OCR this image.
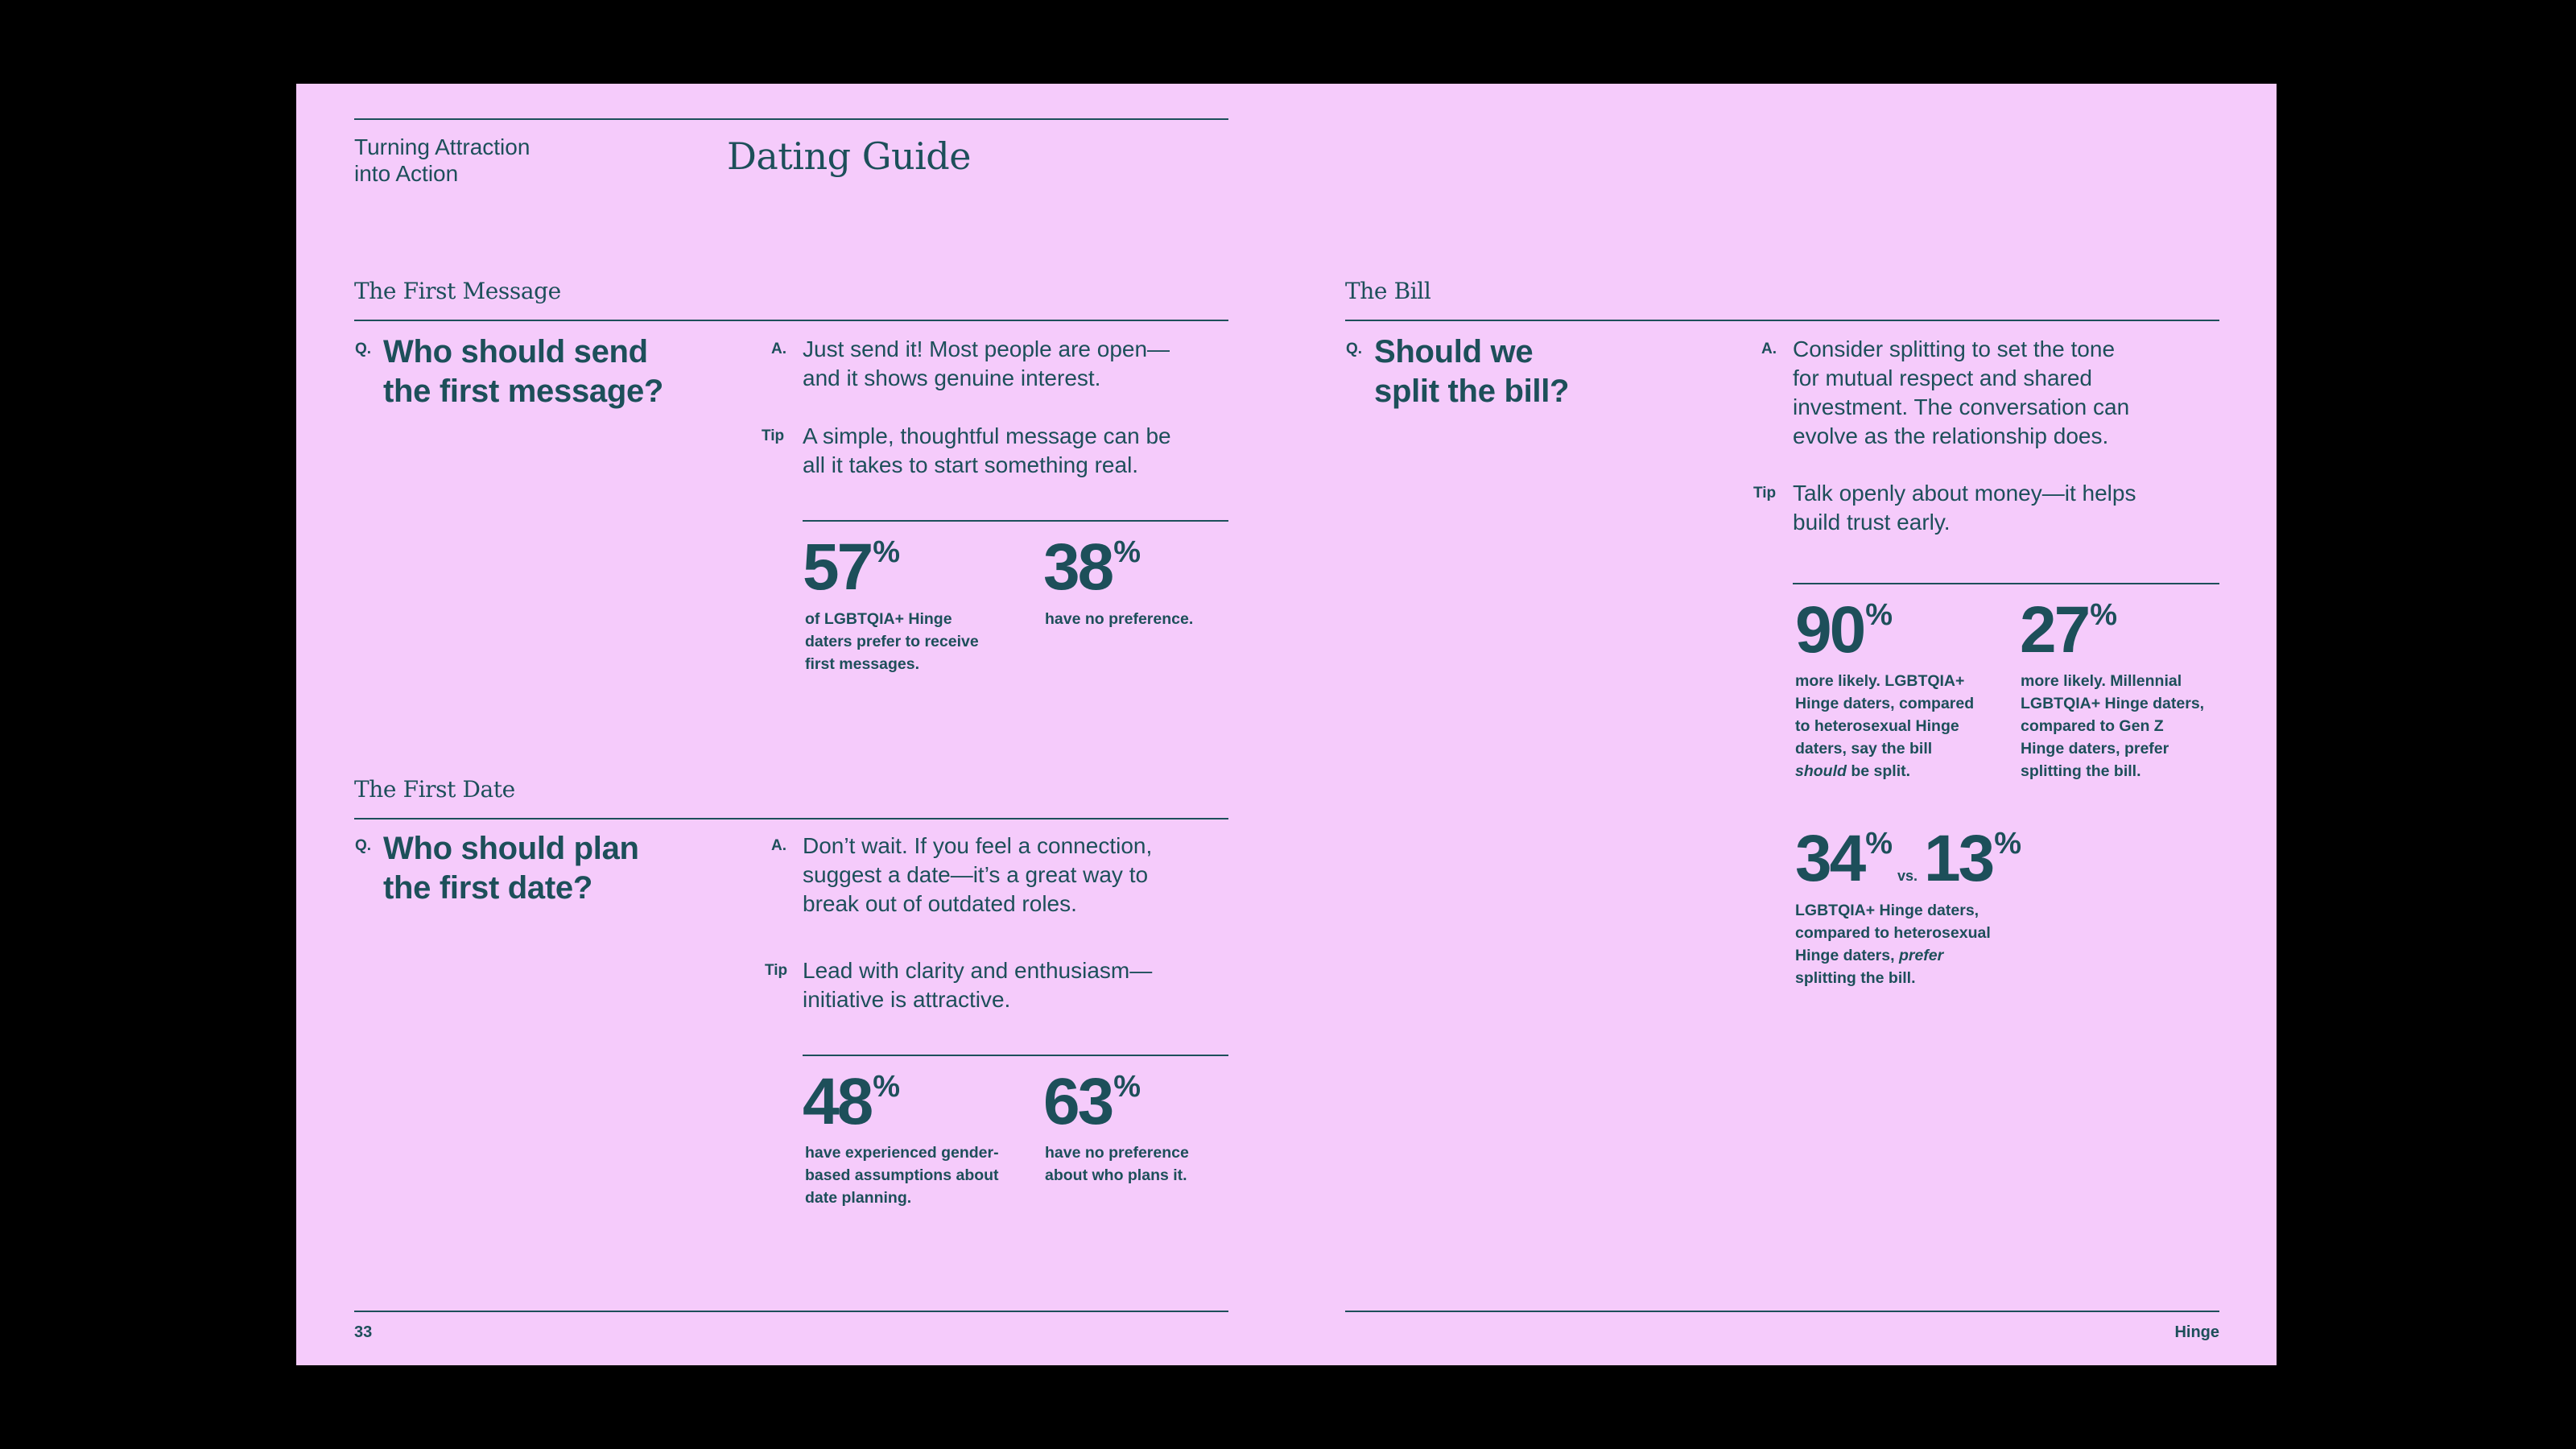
Turning Attraction
into Action	Dating Guide
The First Message
Q. Who should send
the first message?
A. Just send it! Most people are open—
and it shows genuine interest.
Tip A simple, thoughtful message can be
all it takes to start something real.
57%
of LGBTQIA+ Hinge
daters prefer to receive
first messages.
38%
have no preference.
The First Date
Q. Who should plan
the first date?
A. Don’t wait. If you feel a connection,
suggest a date—it’s a great way to
break out of outdated roles.
Tip Lead with clarity and enthusiasm—
initiative is attractive.
48%
have experienced gender-
based assumptions about
date planning.
63%
have no preference
about who plans it.
The Bill
Q. Should we
split the bill?
A. Consider splitting to set the tone
for mutual respect and shared
investment. The conversation can
evolve as the relationship does.
Tip Talk openly about money—it helps
build trust early.
90%
more likely. LGBTQIA+
Hinge daters, compared
to heterosexual Hinge
daters, say the bill
should be split.
27%
more likely. Millennial
LGBTQIA+ Hinge daters,
compared to Gen Z
Hinge daters, prefer
splitting the bill.
34%vs.13%
LGBTQIA+ Hinge daters,
compared to heterosexual
Hinge daters, prefer
splitting the bill.
33	Hinge
